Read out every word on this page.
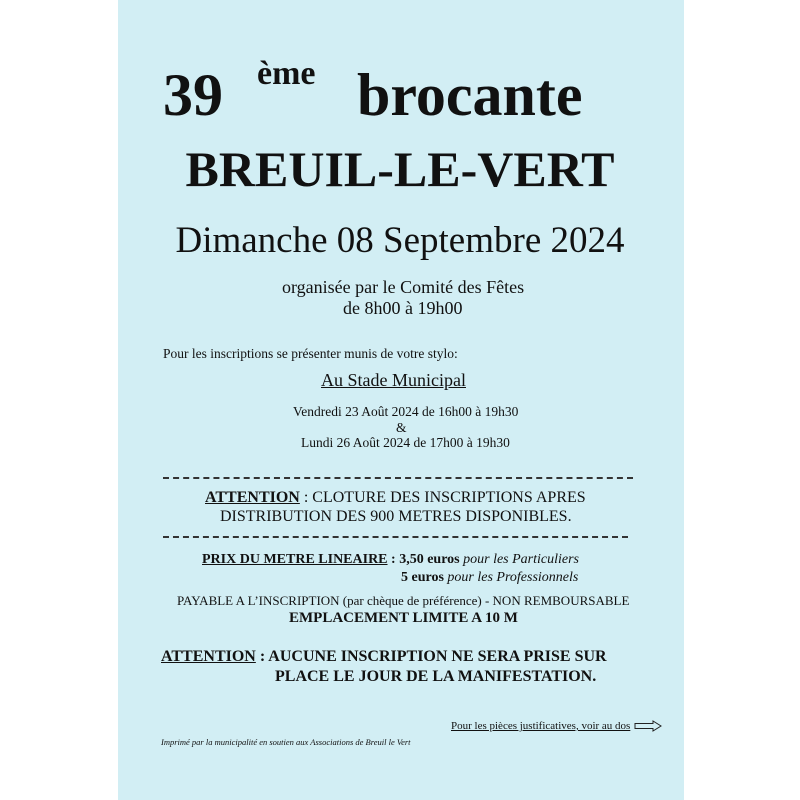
39 ème brocante
BREUIL-LE-VERT
Dimanche 08 Septembre 2024
organisée par le Comité des Fêtes
de 8h00 à 19h00
Pour les inscriptions se présenter munis de votre stylo:
Au Stade Municipal
Vendredi 23 Août 2024 de 16h00 à 19h30
&
Lundi 26 Août 2024 de 17h00 à 19h30
ATTENTION : CLOTURE DES INSCRIPTIONS APRES
DISTRIBUTION DES 900 METRES DISPONIBLES.
PRIX DU METRE LINEAIRE : 3,50 euros pour les Particuliers
5 euros pour les Professionnels
PAYABLE A L’INSCRIPTION (par chèque de préférence) - NON REMBOURSABLE
EMPLACEMENT LIMITE A 10 M
ATTENTION : AUCUNE INSCRIPTION NE SERA PRISE SUR
PLACE LE JOUR DE LA MANIFESTATION.
Pour les pièces justificatives, voir au dos
Imprimé par la municipalité en soutien aux Associations de Breuil le Vert
